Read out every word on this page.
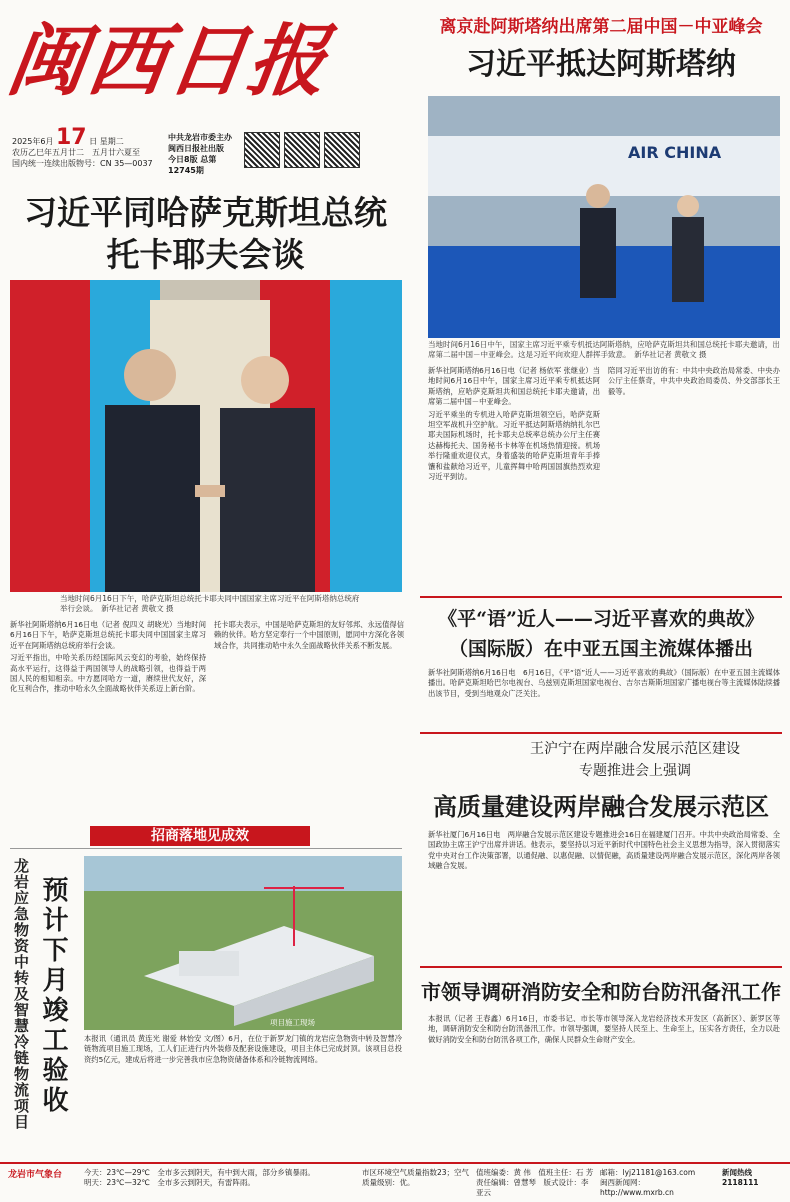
闽西日报
2025年6月 17 日 星期二
农历乙巳年五月廿二　五月廿六夏至
国内统一连续出版物号：CN 35—0037
中共龙岩市委主办
闽西日报社出版
今日8版 总第12745期
习近平同哈萨克斯坦总统
托卡耶夫会谈
当地时间6月16日下午，哈萨克斯坦总统托卡耶夫同中国国家主席习近平在阿斯塔纳总统府举行会谈。　新华社记者 黄敬文 摄

新华社阿斯塔纳6月16日电（记者 倪四义 胡晓光）当地时间6月16日下午，哈萨克斯坦总统托卡耶夫同中国国家主席习近平在阿斯塔纳总统府举行会谈。

习近平指出，中哈关系历经国际风云变幻的考验，始终保持高水平运行，这得益于两国领导人的战略引领，也得益于两国人民的相知相亲。中方愿同哈方一道，赓续世代友好，深化互利合作，推动中哈永久全面战略伙伴关系迈上新台阶。

托卡耶夫表示，中国是哈萨克斯坦的友好邻邦、永远值得信赖的伙伴。哈方坚定奉行一个中国原则，愿同中方深化各领域合作，共同推动哈中永久全面战略伙伴关系不断发展。

招商落地见成效
龙岩应急物资中转及智慧冷链物流项目 预计下月竣工验收	项目施工现场
本报讯（通讯员 黄连光 谢爱 林怡安 文/图）6月，在位于新罗龙门镇的龙岩应急物资中转及智慧冷链物流项目施工现场，工人们正进行内外装修及配套设施建设，项目主体已完成封顶。该项目总投资约5亿元，建成后将进一步完善我市应急物资储备体系和冷链物流网络。
离京赴阿斯塔纳出席第二届中国－中亚峰会
习近平抵达阿斯塔纳
AIR CHINA
当地时间6月16日中午，国家主席习近平乘专机抵达阿斯塔纳，应哈萨克斯坦共和国总统托卡耶夫邀请，出席第二届中国－中亚峰会。这是习近平向欢迎人群挥手致意。　新华社记者 黄敬文 摄

新华社阿斯塔纳6月16日电（记者 杨依军 张继业）当地时间6月16日中午，国家主席习近平乘专机抵达阿斯塔纳，应哈萨克斯坦共和国总统托卡耶夫邀请，出席第二届中国－中亚峰会。

习近平乘坐的专机进入哈萨克斯坦领空后，哈萨克斯坦空军战机升空护航。习近平抵达阿斯塔纳纳扎尔巴耶夫国际机场时，托卡耶夫总统率总统办公厅主任赛达赫梅托夫、国务秘书卡林等在机场热情迎接。机场举行隆重欢迎仪式，身着盛装的哈萨克斯坦青年手捧馕和盐献给习近平，儿童挥舞中哈两国国旗热烈欢迎习近平到访。

陪同习近平出访的有：中共中央政治局常委、中央办公厅主任蔡奇，中共中央政治局委员、外交部部长王毅等。

《平“语”近人——习近平喜欢的典故》
（国际版）在中亚五国主流媒体播出
新华社阿斯塔纳6月16日电　6月16日，《平“语”近人——习近平喜欢的典故》（国际版）在中亚五国主流媒体播出。哈萨克斯坦哈巴尔电视台、乌兹别克斯坦国家电视台、吉尔吉斯斯坦国家广播电视台等主流媒体陆续播出该节目，受到当地观众广泛关注。
王沪宁在两岸融合发展示范区建设
专题推进会上强调
高质量建设两岸融合发展示范区
新华社厦门6月16日电　两岸融合发展示范区建设专题推进会16日在福建厦门召开。中共中央政治局常委、全国政协主席王沪宁出席并讲话。他表示，要坚持以习近平新时代中国特色社会主义思想为指导，深入贯彻落实党中央对台工作决策部署，以通促融、以惠促融、以情促融，高质量建设两岸融合发展示范区，深化两岸各领域融合发展。
市领导调研消防安全和防台防汛备汛工作
本报讯（记者 王春鑫）6月16日，市委书记、市长等市领导深入龙岩经济技术开发区（高新区）、新罗区等地，调研消防安全和防台防汛备汛工作。市领导强调，要坚持人民至上、生命至上，压实各方责任，全力以赴做好消防安全和防台防汛各项工作，确保人民群众生命财产安全。
龙岩市气象台	今天：23℃—29℃　全市多云到阴天，有中到大雨，部分乡镇暴雨。
明天：23℃—32℃　全市多云到阴天，有雷阵雨。
市区环境空气质量指数23；空气质量级别：优。
值班编委：黄 伟　值班主任：石 芳　责任编辑：曾慧琴　版式设计：李亚云
邮箱：lyj21181@163.com
闽西新闻网：http://www.mxrb.cn
新闻热线
2118111
